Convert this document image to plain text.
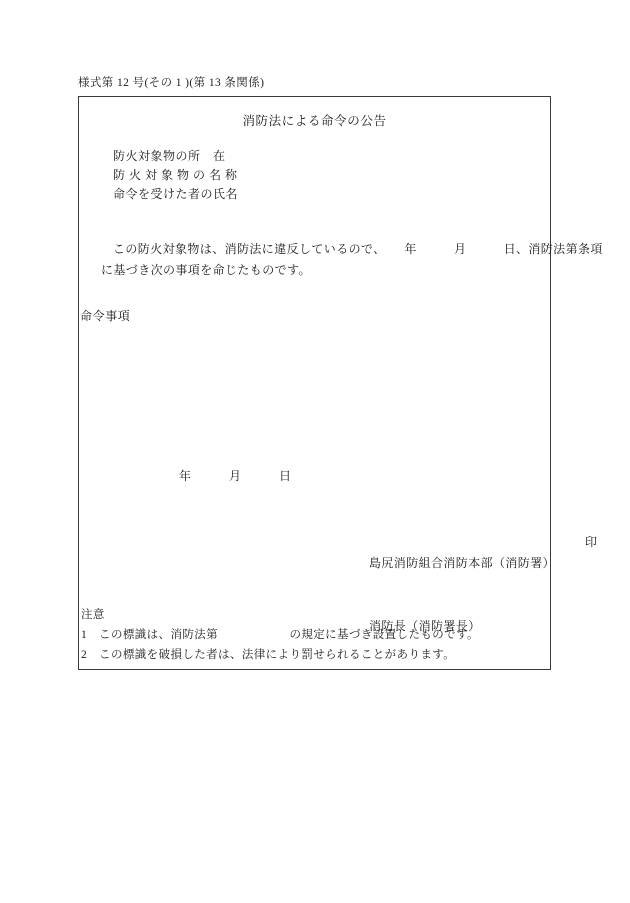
様式第 12 号(その 1 )(第 13 条関係)
消防法による命令の公告
防火対象物の所　在
防 火 対 象 物 の 名 称
命令を受けた者の氏名
この防火対象物は、消防法に違反しているので、　　年　　　月　　　日、消防法第条項
に基づき次の事項を命じたものです。
命令事項
年　　　月　　　日

島尻消防組合消防本部（消防署）

消防長（消防署長）

印

注意
1　この標識は、消防法第　　　　　　の規定に基づき設置したものです。
2　この標識を破損した者は、法律により罰せられることがあります。
